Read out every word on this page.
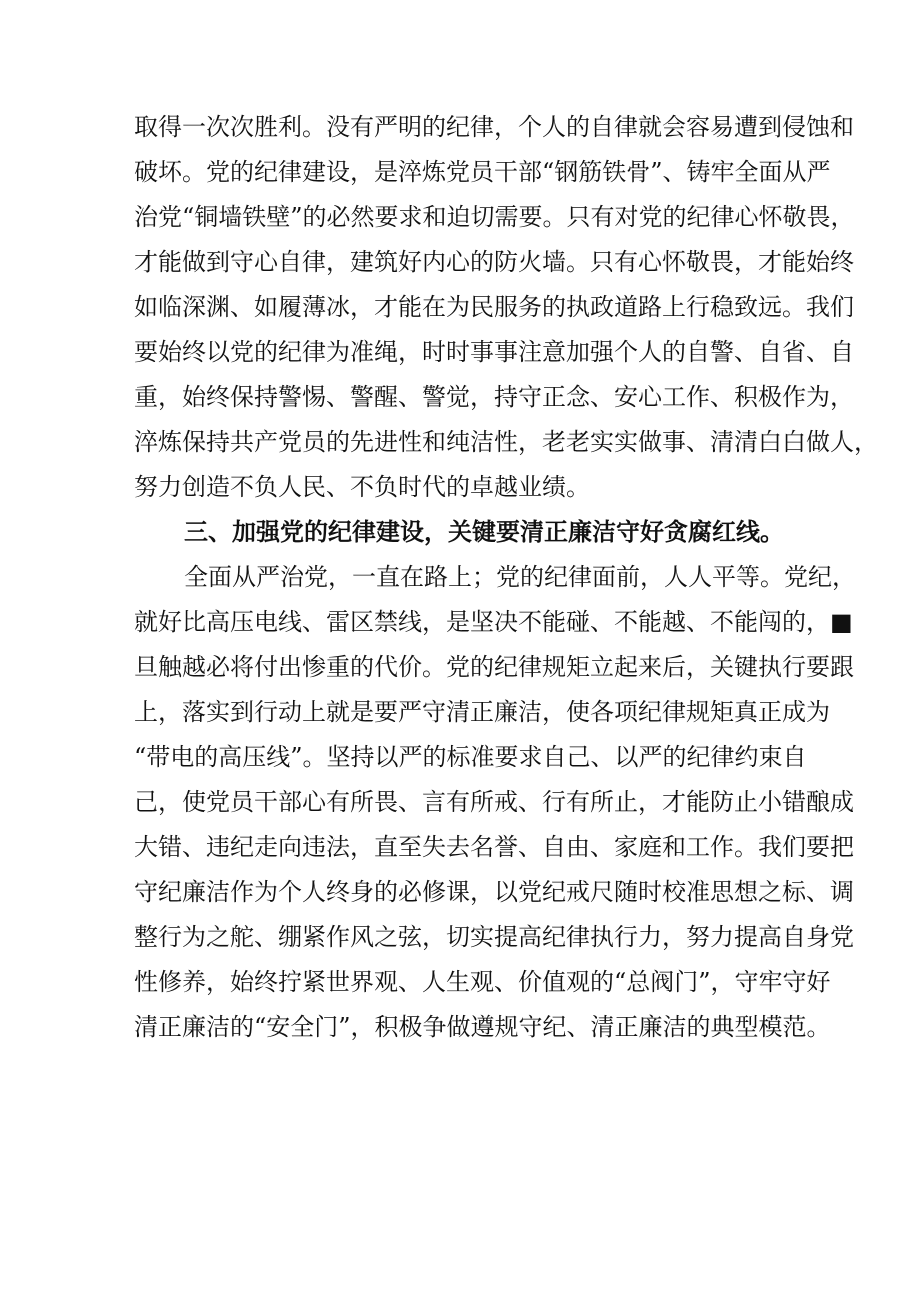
取得一次次胜利。没有严明的纪律，个人的自律就会容易遭到侵蚀和
破坏。党的纪律建设，是淬炼党员干部“钢筋铁骨”、铸牢全面从严
治党“铜墙铁壁”的必然要求和迫切需要。只有对党的纪律心怀敬畏，
才能做到守心自律，建筑好内心的防火墙。只有心怀敬畏，才能始终
如临深渊、如履薄冰，才能在为民服务的执政道路上行稳致远。我们
要始终以党的纪律为准绳，时时事事注意加强个人的自警、自省、自
重，始终保持警惕、警醒、警觉，持守正念、安心工作、积极作为，
淬炼保持共产党员的先进性和纯洁性，老老实实做事、清清白白做人，
努力创造不负人民、不负时代的卓越业绩。
三、加强党的纪律建设，关键要清正廉洁守好贪腐红线。
全面从严治党，一直在路上；党的纪律面前，人人平等。党纪，
就好比高压电线、雷区禁线，是坚决不能碰、不能越、不能闯的，■
旦触越必将付出惨重的代价。党的纪律规矩立起来后，关键执行要跟
上，落实到行动上就是要严守清正廉洁，使各项纪律规矩真正成为
“带电的高压线”。坚持以严的标准要求自己、以严的纪律约束自
己，使党员干部心有所畏、言有所戒、行有所止，才能防止小错酿成
大错、违纪走向违法，直至失去名誉、自由、家庭和工作。我们要把
守纪廉洁作为个人终身的必修课，以党纪戒尺随时校准思想之标、调
整行为之舵、绷紧作风之弦，切实提高纪律执行力，努力提高自身党
性修养，始终拧紧世界观、人生观、价值观的“总阀门”，守牢守好
清正廉洁的“安全门”，积极争做遵规守纪、清正廉洁的典型模范。
